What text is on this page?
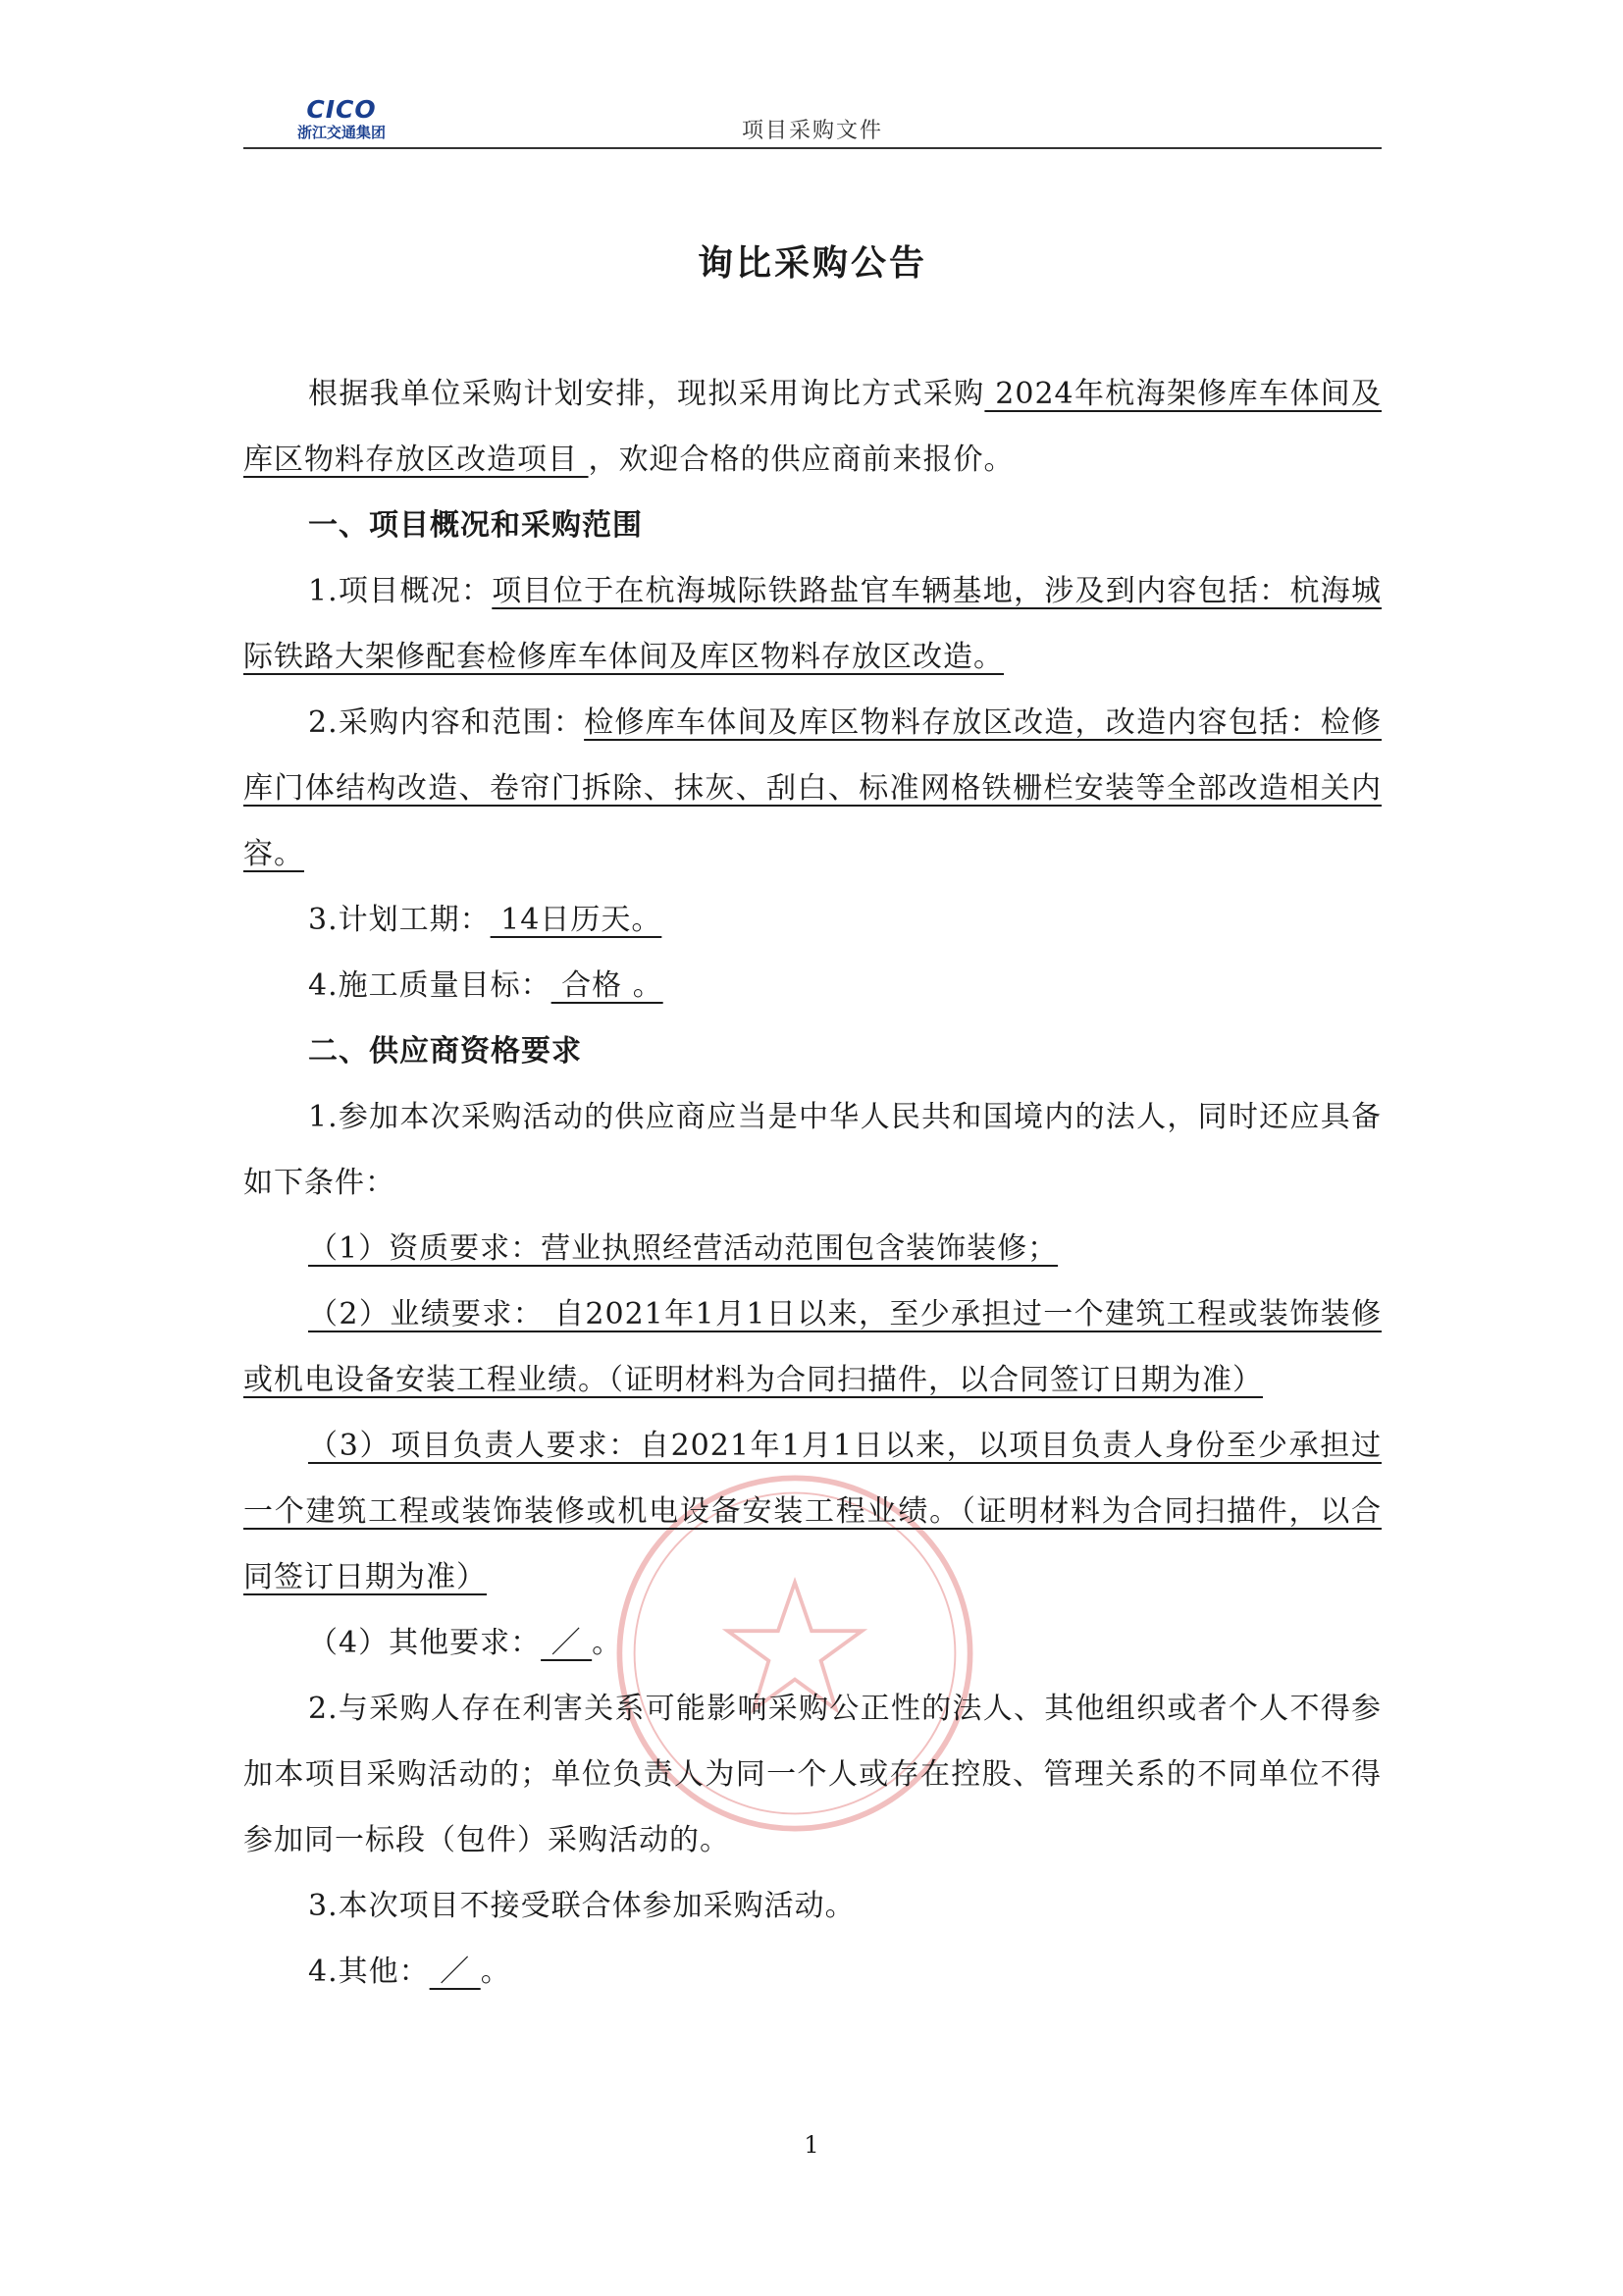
CICO
浙江交通集团	项目采购文件
询比采购公告

根据我单位采购计划安排，现拟采用询比方式采购 2024年杭海架修库车体间及库区物料存放区改造项目 ，欢迎合格的供应商前来报价。

一、项目概况和采购范围

1.项目概况：项目位于在杭海城际铁路盐官车辆基地，涉及到内容包括：杭海城际铁路大架修配套检修库车体间及库区物料存放区改造。

2.采购内容和范围：检修库车体间及库区物料存放区改造，改造内容包括：检修库门体结构改造、卷帘门拆除、抹灰、刮白、标准网格铁栅栏安装等全部改造相关内容。

3.计划工期： 14日历天。

4.施工质量目标： 合格 。

二、供应商资格要求

1.参加本次采购活动的供应商应当是中华人民共和国境内的法人，同时还应具备如下条件：

（1）资质要求：营业执照经营活动范围包含装饰装修；

（2）业绩要求： 自2021年1月1日以来，至少承担过一个建筑工程或装饰装修或机电设备安装工程业绩。（证明材料为合同扫描件，以合同签订日期为准）

（3）项目负责人要求：自2021年1月1日以来，以项目负责人身份至少承担过一个建筑工程或装饰装修或机电设备安装工程业绩。（证明材料为合同扫描件，以合同签订日期为准）

（4）其他要求： ／ 。

2.与采购人存在利害关系可能影响采购公正性的法人、其他组织或者个人不得参加本项目采购活动的；单位负责人为同一个人或存在控股、管理关系的不同单位不得参加同一标段（包件）采购活动的。

3.本次项目不接受联合体参加采购活动。

4.其他： ／ 。

1
